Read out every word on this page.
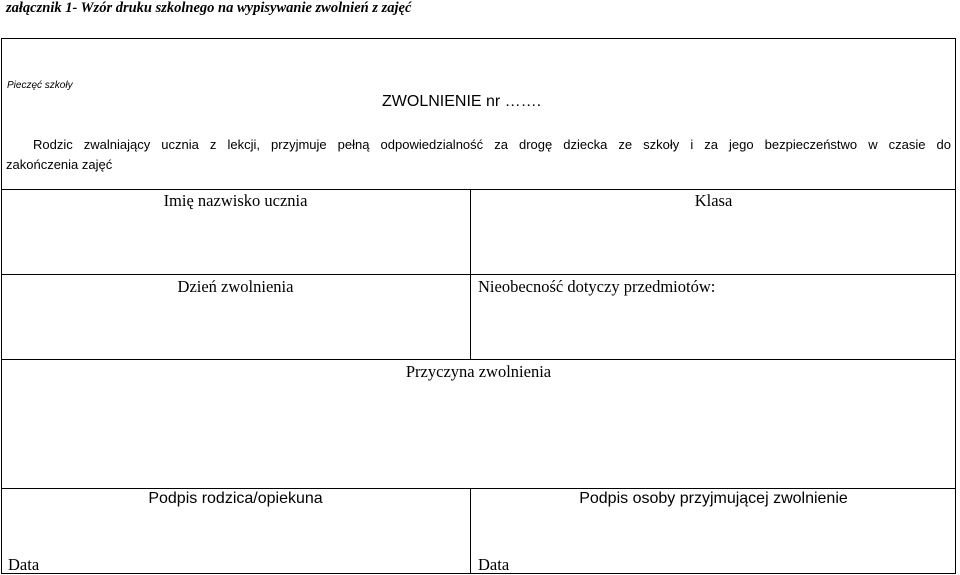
załącznik 1- Wzór druku szkolnego na wypisywanie zwolnień z zajęć
Pieczęć szkoły
ZWOLNIENIE nr …….
Rodzic zwalniający ucznia z lekcji, przyjmuje pełną odpowiedzialność za drogę dziecka ze szkoły i za jego bezpieczeństwo w czasie do
zakończenia zajęć
Imię nazwisko ucznia	Klasa
Dzień zwolnienia	Nieobecność dotyczy przedmiotów:
Przyczyna zwolnienia
Podpis rodzica/opiekuna	Podpis osoby przyjmującej zwolnienie
Data	Data
